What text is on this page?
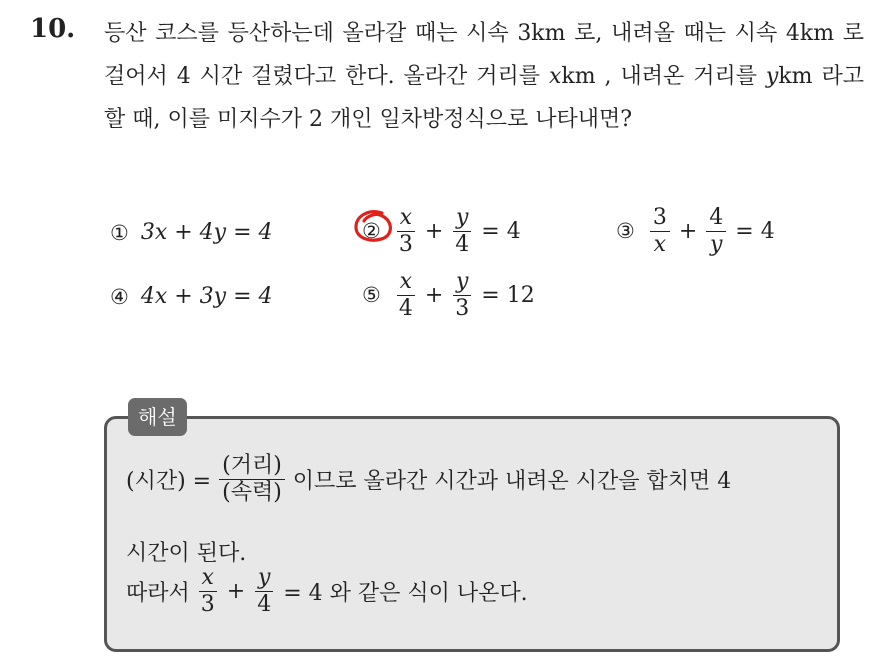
10. 등산 코스를 등산하는데 올라갈 때는 시속 3km 로, 내려올 때는 시속 4km 로 걸어서 4 시간 걸렸다고 한다. 올라간 거리를 xkm , 내려온 거리를 ykm 라고 할 때, 이를 미지수가 2 개인 일차방정식으로 나타내면?

① 3x + 4y = 4	② $\frac{x}{3} + \frac{y}{4} = 4$	③ $\frac{3}{x} + \frac{4}{y} = 4$
④ 4x + 3y = 4	⑤ $\frac{x}{4} + \frac{y}{3} = 12$
해설
(시간) = $\frac{\text{(거리)}}{\text{(속력)}}$ 이므로 올라간 시간과 내려온 시간을 합치면 4
시간이 된다.
따라서 $\frac{x}{3} + \frac{y}{4} = 4$ 와 같은 식이 나온다.
